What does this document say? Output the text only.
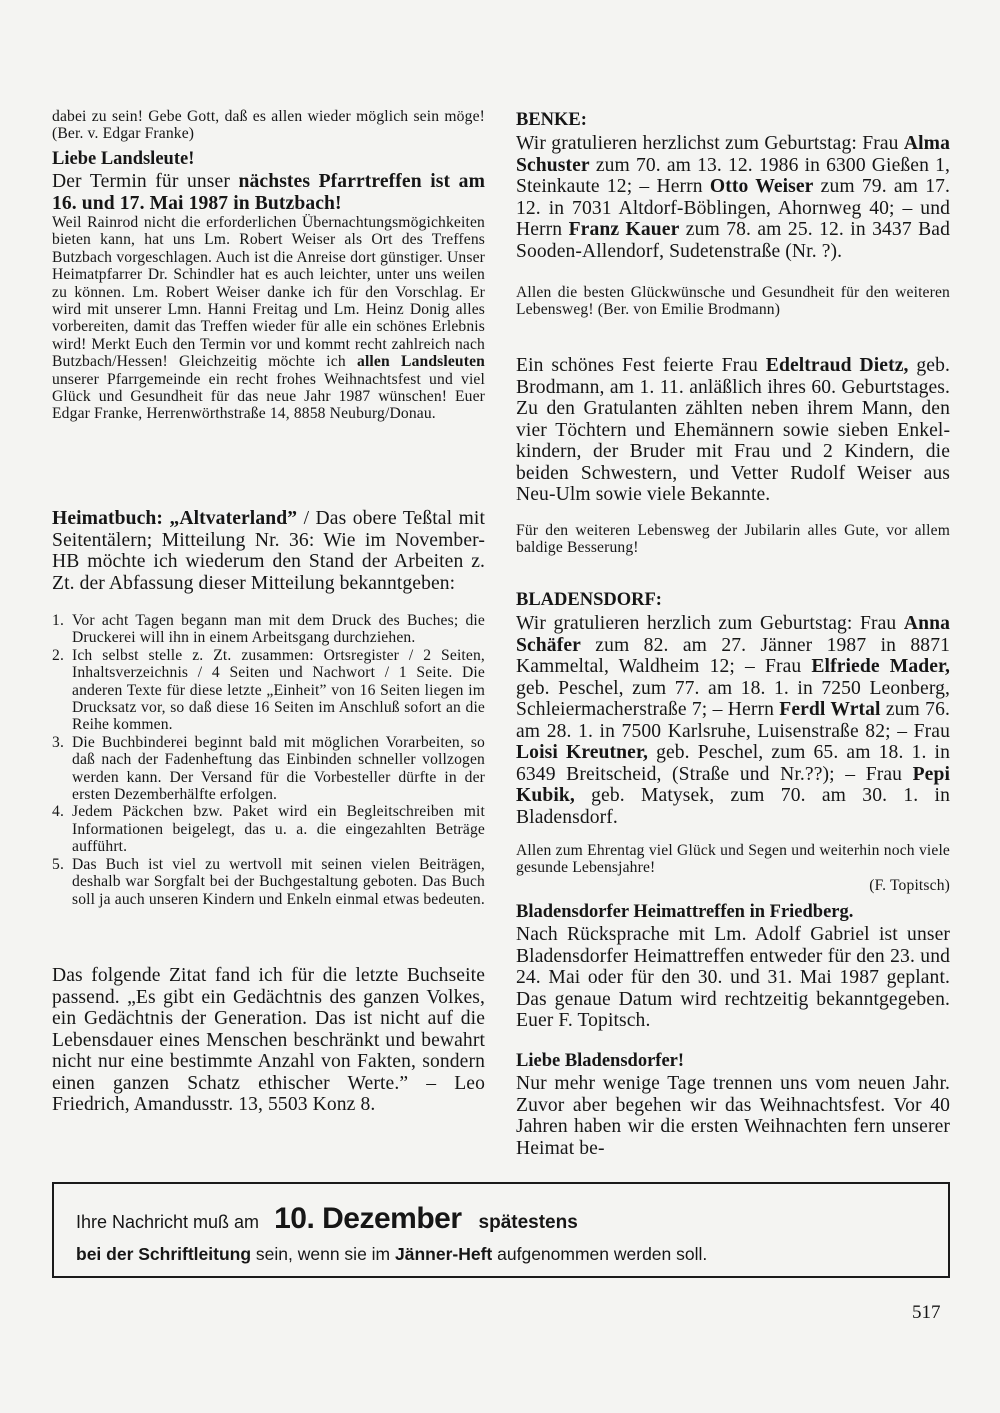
dabei zu sein! Gebe Gott, daß es allen wieder möglich sein möge! (Ber. v. Edgar Franke)
Liebe Landsleute!
Der Termin für unser nächstes Pfarrtreffen ist am 16. und 17. Mai 1987 in Butzbach!
Weil Rainrod nicht die erforderlichen Übernachtungsmögichkeiten bieten kann, hat uns Lm. Robert Weiser als Ort des Treffens Butzbach vorgeschlagen. Auch ist die Anreise dort günstiger. Unser Heimatpfarrer Dr. Schindler hat es auch leichter, unter uns weilen zu können. Lm. Robert Weiser danke ich für den Vorschlag. Er wird mit unserer Lmn. Hanni Freitag und Lm. Heinz Donig alles vorbereiten, damit das Treffen wieder für alle ein schönes Erlebnis wird! Merkt Euch den Termin vor und kommt recht zahlreich nach Butzbach/Hessen! Gleichzeitig möchte ich allen Landsleuten unserer Pfarrgemeinde ein recht frohes Weihnachtsfest und viel Glück und Gesundheit für das neue Jahr 1987 wünschen! Euer Edgar Franke, Herrenwörthstraße 14, 8858 Neuburg/Donau.
Heimatbuch: „Altvaterland” / Das obere Teßtal mit Seitentälern; Mitteilung Nr. 36: Wie im November-HB möchte ich wiederum den Stand der Arbeiten z. Zt. der Abfassung dieser Mitteilung bekanntgeben:
1. Vor acht Tagen begann man mit dem Druck des Buches; die Druckerei will ihn in einem Arbeitsgang durchziehen.
2. Ich selbst stelle z. Zt. zusammen: Ortsregister / 2 Seiten, Inhaltsverzeichnis / 4 Seiten und Nachwort / 1 Seite. Die anderen Texte für diese letzte „Einheit” von 16 Seiten liegen im Drucksatz vor, so daß diese 16 Seiten im Anschluß sofort an die Reihe kommen.
3. Die Buchbinderei beginnt bald mit möglichen Vorarbeiten, so daß nach der Fadenheftung das Einbinden schneller vollzogen werden kann. Der Versand für die Vorbesteller dürfte in der ersten Dezemberhälfte erfolgen.
4. Jedem Päckchen bzw. Paket wird ein Begleitschreiben mit Informationen beigelegt, das u. a. die eingezahlten Beträge aufführt.
5. Das Buch ist viel zu wertvoll mit seinen vielen Beiträgen, deshalb war Sorgfalt bei der Buchgestaltung geboten. Das Buch soll ja auch unseren Kindern und Enkeln einmal etwas bedeuten.
Das folgende Zitat fand ich für die letzte Buchseite passend. „Es gibt ein Gedächtnis des ganzen Volkes, ein Gedächtnis der Generation. Das ist nicht auf die Lebensdauer eines Menschen beschränkt und bewahrt nicht nur eine bestimmte Anzahl von Fakten, sondern einen ganzen Schatz ethischer Werte.” – Leo Friedrich, Amandusstr. 13, 5503 Konz 8.
BENKE:
Wir gratulieren herzlichst zum Geburtstag: Frau Alma Schuster zum 70. am 13. 12. 1986 in 6300 Gießen 1, Steinkaute 12; – Herrn Otto Weiser zum 79. am 17. 12. in 7031 Altdorf-Böblingen, Ahornweg 40; – und Herrn Franz Kauer zum 78. am 25. 12. in 3437 Bad Sooden-Allendorf, Sudetenstraße (Nr. ?).
Allen die besten Glückwünsche und Gesundheit für den weiteren Lebensweg! (Ber. von Emilie Brodmann)
Ein schönes Fest feierte Frau Edeltraud Dietz, geb. Brodmann, am 1. 11. anläßlich ihres 60. Geburtstages. Zu den Gratulanten zählten neben ihrem Mann, den vier Töchtern und Ehemännern sowie sieben Enkelkindern, der Bruder mit Frau und 2 Kindern, die beiden Schwestern, und Vetter Rudolf Weiser aus Neu-Ulm sowie viele Bekannte.
Für den weiteren Lebensweg der Jubilarin alles Gute, vor allem baldige Besserung!
BLADENSDORF:
Wir gratulieren herzlich zum Geburtstag: Frau Anna Schäfer zum 82. am 27. Jänner 1987 in 8871 Kammeltal, Waldheim 12; – Frau Elfriede Mader, geb. Peschel, zum 77. am 18. 1. in 7250 Leonberg, Schleiermacherstraße 7; – Herrn Ferdl Wrtal zum 76. am 28. 1. in 7500 Karlsruhe, Luisenstraße 82; – Frau Loisi Kreutner, geb. Peschel, zum 65. am 18. 1. in 6349 Breitscheid, (Straße und Nr.??); – Frau Pepi Kubik, geb. Matysek, zum 70. am 30. 1. in Bladensdorf.
Allen zum Ehrentag viel Glück und Segen und weiterhin noch viele gesunde Lebensjahre!
(F. Topitsch)
Bladensdorfer Heimattreffen in Friedberg.
Nach Rücksprache mit Lm. Adolf Gabriel ist unser Bladensdorfer Heimattreffen entweder für den 23. und 24. Mai oder für den 30. und 31. Mai 1987 geplant. Das genaue Datum wird rechtzeitig bekanntgegeben. Euer F. Topitsch.
Liebe Bladensdorfer!
Nur mehr wenige Tage trennen uns vom neuen Jahr. Zuvor aber begehen wir das Weihnachtsfest. Vor 40 Jahren haben wir die ersten Weihnachten fern unserer Heimat be-
Ihre Nachricht muß am 10. Dezember spätestens
bei der Schriftleitung sein, wenn sie im Jänner-Heft aufgenommen werden soll.
517
